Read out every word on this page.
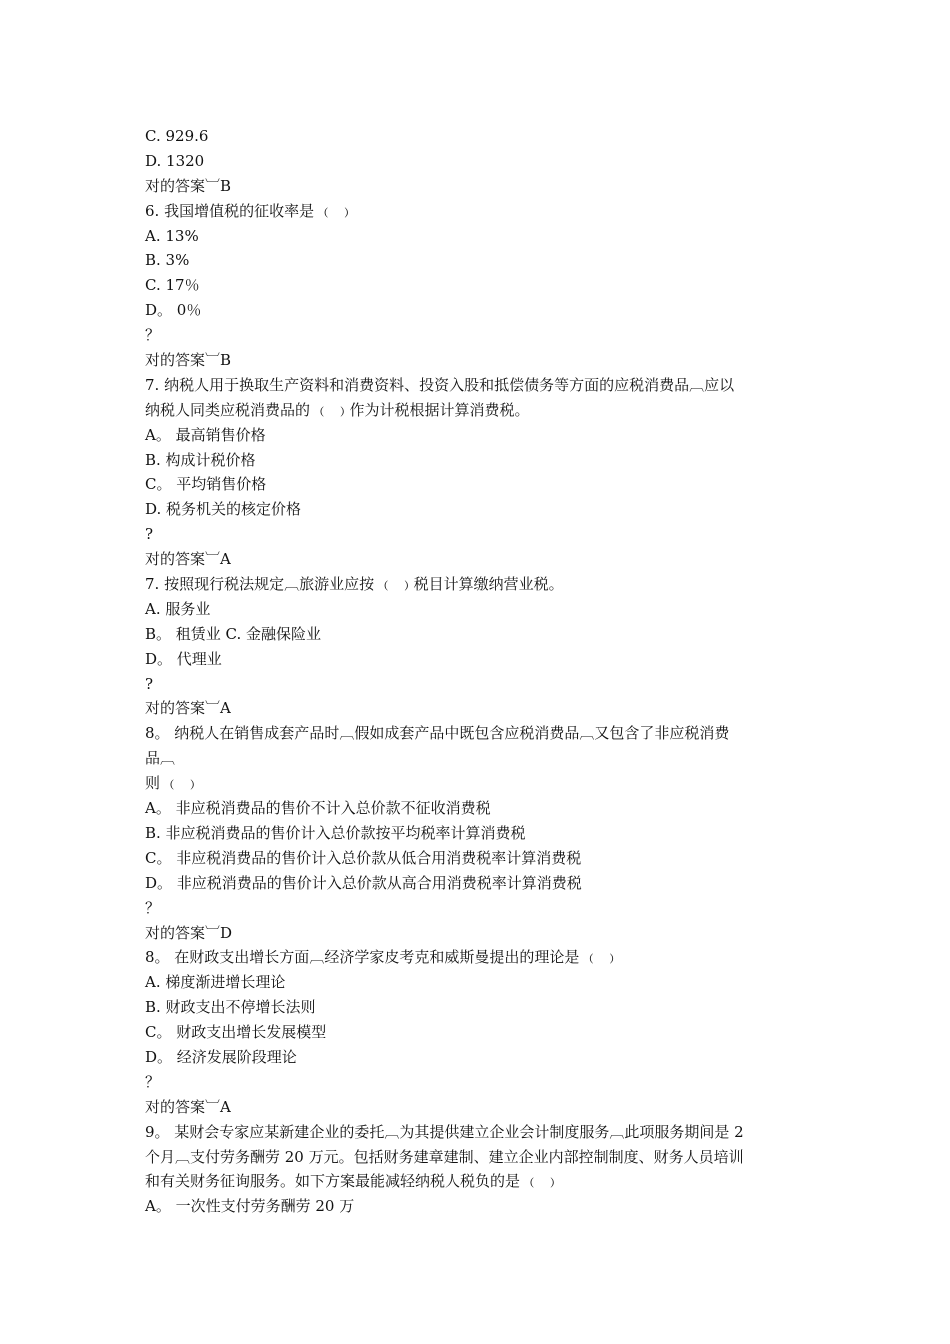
C. 929.6
D. 1320
对的答案︺B
6. 我国增值税的征收率是 ﹙ ﹚
A. 13%
B. 3%
C. 17％
D。 0％
？
对的答案︺B
7. 纳税人用于换取生产资料和消费资料、投资入股和抵偿债务等方面的应税消费品︹应以
纳税人同类应税消费品的 ﹙ ﹚作为计税根据计算消费税。
A。 最高销售价格
B. 构成计税价格
C。 平均销售价格
D. 税务机关的核定价格
?
对的答案︺A
7. 按照现行税法规定︹旅游业应按 ﹙ ﹚税目计算缴纳营业税。
A. 服务业
B。 租赁业 C. 金融保险业
D。 代理业
?
对的答案︺A
8。 纳税人在销售成套产品时︹假如成套产品中既包含应税消费品︹又包含了非应税消费
品︹
则 ﹙ ﹚
A。 非应税消费品的售价不计入总价款不征收消费税
B. 非应税消费品的售价计入总价款按平均税率计算消费税
C。 非应税消费品的售价计入总价款从低合用消费税率计算消费税
D。 非应税消费品的售价计入总价款从高合用消费税率计算消费税
？
对的答案︺D
8。 在财政支出增长方面︹经济学家皮考克和威斯曼提出的理论是 ﹙ ﹚
A. 梯度渐进增长理论
B. 财政支出不停增长法则
C。 财政支出增长发展模型
D。 经济发展阶段理论
？
对的答案︺A
9。 某财会专家应某新建企业的委托︹为其提供建立企业会计制度服务︹此项服务期间是 2
个月︹支付劳务酬劳 20 万元。包括财务建章建制、建立企业内部控制制度、财务人员培训
和有关财务征询服务。如下方案最能减轻纳税人税负的是 ﹙ ﹚
A。 一次性支付劳务酬劳 20 万
